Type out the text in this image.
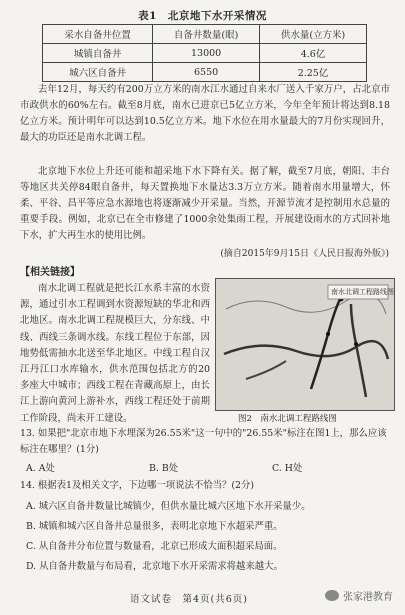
表1　北京地下水开采情况
采水自备井位置	自备井数量(眼)	供水量(立方米)
城镇自备井	13000	4.6亿
城六区自备井	6550	2.25亿
去年12月，每天约有200万立方米的南水江水通过自来水厂送入千家万户，占北京市市政供水的60%左右。截至8月底，南水已进京已5亿立方米，今年全年预计将达到8.18亿立方米。预计明年可以达到10.5亿立方米。地下水位在用水量最大的7月份实现回升，最大的功臣还是南水北调工程。
北京地下水位上升还可能和超采地下水下降有关。据了解，截至7月底，朝阳、丰台等地区共关停84眼自备井，每天置换地下水量达3.3万立方米。随着南水用量增大，怀柔、平谷、昌平等应急水源地也将逐渐减少开采量。当然，开源节流才是控制用水总量的重要手段。例如，北京已在全市修建了1000余处集雨工程，开展建设雨水的方式回补地下水，扩大再生水的使用比例。
(摘自2015年9月15日《人民日报海外版》)
【相关链接】
南水北调工程就是把长江水系丰富的水资源，通过引水工程调到水资源短缺的华北和西北地区。南水北调工程规模巨大，分东线、中线、西线三条调水线。东线工程位于东部，因地势低需抽水北送至华北地区。中线工程自汉江丹江口水库输水，供水范围包括北方的20多座大中城市；西线工程在青藏高原上，由长江上游向黄河上游补水，西线工程还处于前期工作阶段，尚未开工建设。
南水北调工程路线图
图2　南水北调工程路线图
13. 如果把"北京市地下水埋深为26.55米"这一句中的"26.55米"标注在图1上，那么应该标注在哪里？(1分)
A. A处	B. B处	C. H处
14. 根据表1及相关文字，下边哪一项说法不恰当？(2分)
A. 城六区自备井数量比城镇少，但供水量比城六区地下水开采量少。
B. 城镇和城六区自备井总量很多，表明北京地下水超采严重。
C. 从自备井分布位置与数量看，北京已形成大面积超采局面。
D. 从自备井数量与布局看，北京地下水开采需求将越来越大。
语文试卷　第4页(共6页)	张家港教育
